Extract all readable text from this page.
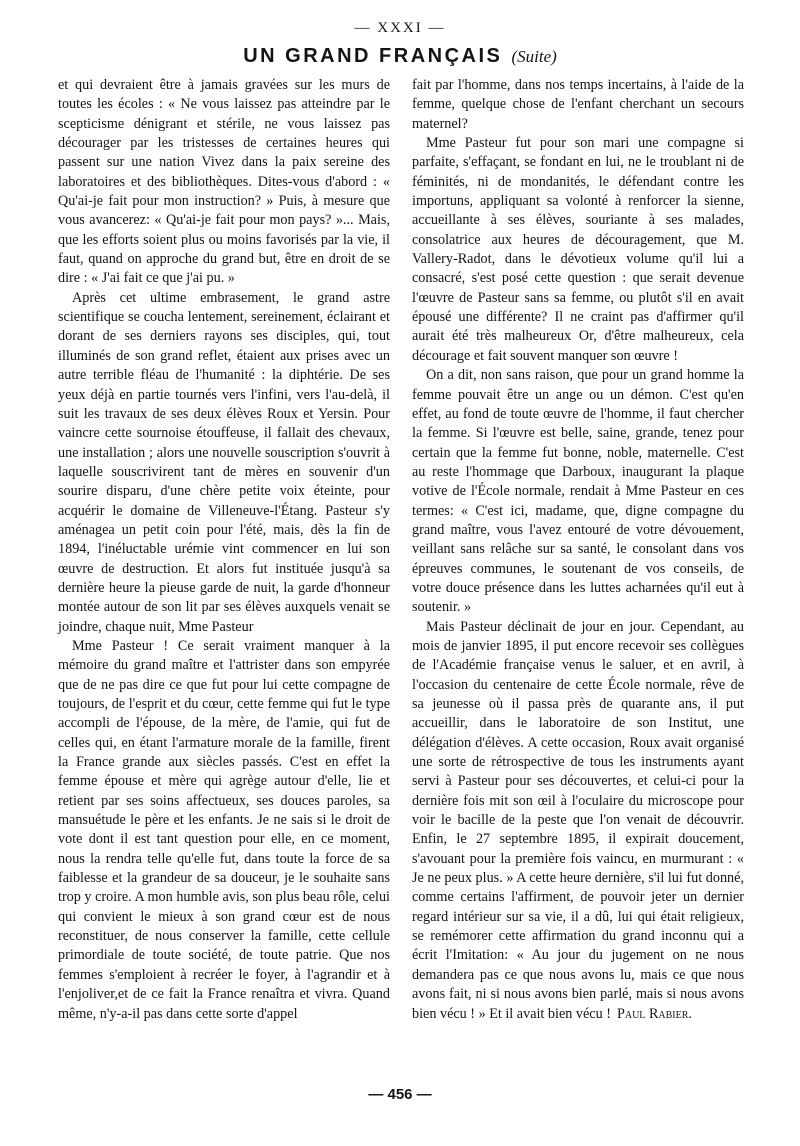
— XXXI —
UN GRAND FRANÇAIS (Suite)

et qui devraient être à jamais gravées sur les murs de toutes les écoles : « Ne vous laissez pas atteindre par le scepticisme dénigrant et stérile, ne vous laissez pas décourager par les tristesses de certaines heures qui passent sur une nation Vivez dans la paix sereine des laboratoires et des bibliothèques. Dites-vous d'abord : « Qu'ai-je fait pour mon instruction? » Puis, à mesure que vous avancerez: « Qu'ai-je fait pour mon pays? »... Mais, que les efforts soient plus ou moins favorisés par la vie, il faut, quand on approche du grand but, être en droit de se dire : « J'ai fait ce que j'ai pu. »

Après cet ultime embrasement, le grand astre scientifique se coucha lentement, sereinement, éclairant et dorant de ses derniers rayons ses disciples, qui, tout illuminés de son grand reflet, étaient aux prises avec un autre terrible fléau de l'humanité : la diphtérie. De ses yeux déjà en partie tournés vers l'infini, vers l'au-delà, il suit les travaux de ses deux élèves Roux et Yersin. Pour vaincre cette sournoise étouffeuse, il fallait des chevaux, une installation ; alors une nouvelle souscription s'ouvrit à laquelle souscrivirent tant de mères en souvenir d'un sourire disparu, d'une chère petite voix éteinte, pour acquérir le domaine de Villeneuve-l'Étang. Pasteur s'y aménagea un petit coin pour l'été, mais, dès la fin de 1894, l'inéluctable urémie vint commencer en lui son œuvre de destruction. Et alors fut instituée jusqu'à sa dernière heure la pieuse garde de nuit, la garde d'honneur montée autour de son lit par ses élèves auxquels venait se joindre, chaque nuit, Mme Pasteur

Mme Pasteur ! Ce serait vraiment manquer à la mémoire du grand maître et l'attrister dans son empyrée que de ne pas dire ce que fut pour lui cette compagne de toujours, de l'esprit et du cœur, cette femme qui fut le type accompli de l'épouse, de la mère, de l'amie, qui fut de celles qui, en étant l'armature morale de la famille, firent la France grande aux siècles passés. C'est en effet la femme épouse et mère qui agrège autour d'elle, lie et retient par ses soins affectueux, ses douces paroles, sa mansuétude le père et les enfants. Je ne sais si le droit de vote dont il est tant question pour elle, en ce moment, nous la rendra telle qu'elle fut, dans toute la force de sa faiblesse et la grandeur de sa douceur, je le souhaite sans trop y croire. A mon humble avis, son plus beau rôle, celui qui convient le mieux à son grand cœur est de nous reconstituer, de nous conserver la famille, cette cellule primordiale de toute société, de toute patrie. Que nos femmes s'emploient à recréer le foyer, à l'agrandir et à l'enjoliver,et de ce fait la France renaîtra et vivra. Quand même, n'y-a-il pas dans cette sorte d'appel

fait par l'homme, dans nos temps incertains, à l'aide de la femme, quelque chose de l'enfant cherchant un secours maternel?

Mme Pasteur fut pour son mari une compagne si parfaite, s'effaçant, se fondant en lui, ne le troublant ni de féminités, ni de mondanités, le défendant contre les importuns, appliquant sa volonté à renforcer la sienne, accueillante à ses élèves, souriante à ses malades, consolatrice aux heures de découragement, que M. Vallery-Radot, dans le dévotieux volume qu'il lui a consacré, s'est posé cette question : que serait devenue l'œuvre de Pasteur sans sa femme, ou plutôt s'il en avait épousé une différente? Il ne craint pas d'affirmer qu'il aurait été très malheureux Or, d'être malheureux, cela décourage et fait souvent manquer son œuvre !

On a dit, non sans raison, que pour un grand homme la femme pouvait être un ange ou un démon. C'est qu'en effet, au fond de toute œuvre de l'homme, il faut chercher la femme. Si l'œuvre est belle, saine, grande, tenez pour certain que la femme fut bonne, noble, maternelle. C'est au reste l'hommage que Darboux, inaugurant la plaque votive de l'École normale, rendait à Mme Pasteur en ces termes: « C'est ici, madame, que, digne compagne du grand maître, vous l'avez entouré de votre dévouement, veillant sans relâche sur sa santé, le consolant dans vos épreuves communes, le soutenant de vos conseils, de votre douce présence dans les luttes acharnées qu'il eut à soutenir. »

Mais Pasteur déclinait de jour en jour. Cependant, au mois de janvier 1895, il put encore recevoir ses collègues de l'Académie française venus le saluer, et en avril, à l'occasion du centenaire de cette École normale, rêve de sa jeunesse où il passa près de quarante ans, il put accueillir, dans le laboratoire de son Institut, une délégation d'élèves. A cette occasion, Roux avait organisé une sorte de rétrospective de tous les instruments ayant servi à Pasteur pour ses découvertes, et celui-ci pour la dernière fois mit son œil à l'oculaire du microscope pour voir le bacille de la peste que l'on venait de découvrir. Enfin, le 27 septembre 1895, il expirait doucement, s'avouant pour la première fois vaincu, en murmurant : « Je ne peux plus. » A cette heure dernière, s'il lui fut donné, comme certains l'affirment, de pouvoir jeter un dernier regard intérieur sur sa vie, il a dû, lui qui était religieux, se remémorer cette affirmation du grand inconnu qui a écrit l'Imitation: « Au jour du jugement on ne nous demandera pas ce que nous avons lu, mais ce que nous avons fait, ni si nous avons bien parlé, mais si nous avons bien vécu ! » Et il avait bien vécu ! Paul Rabier.

— 456 —
